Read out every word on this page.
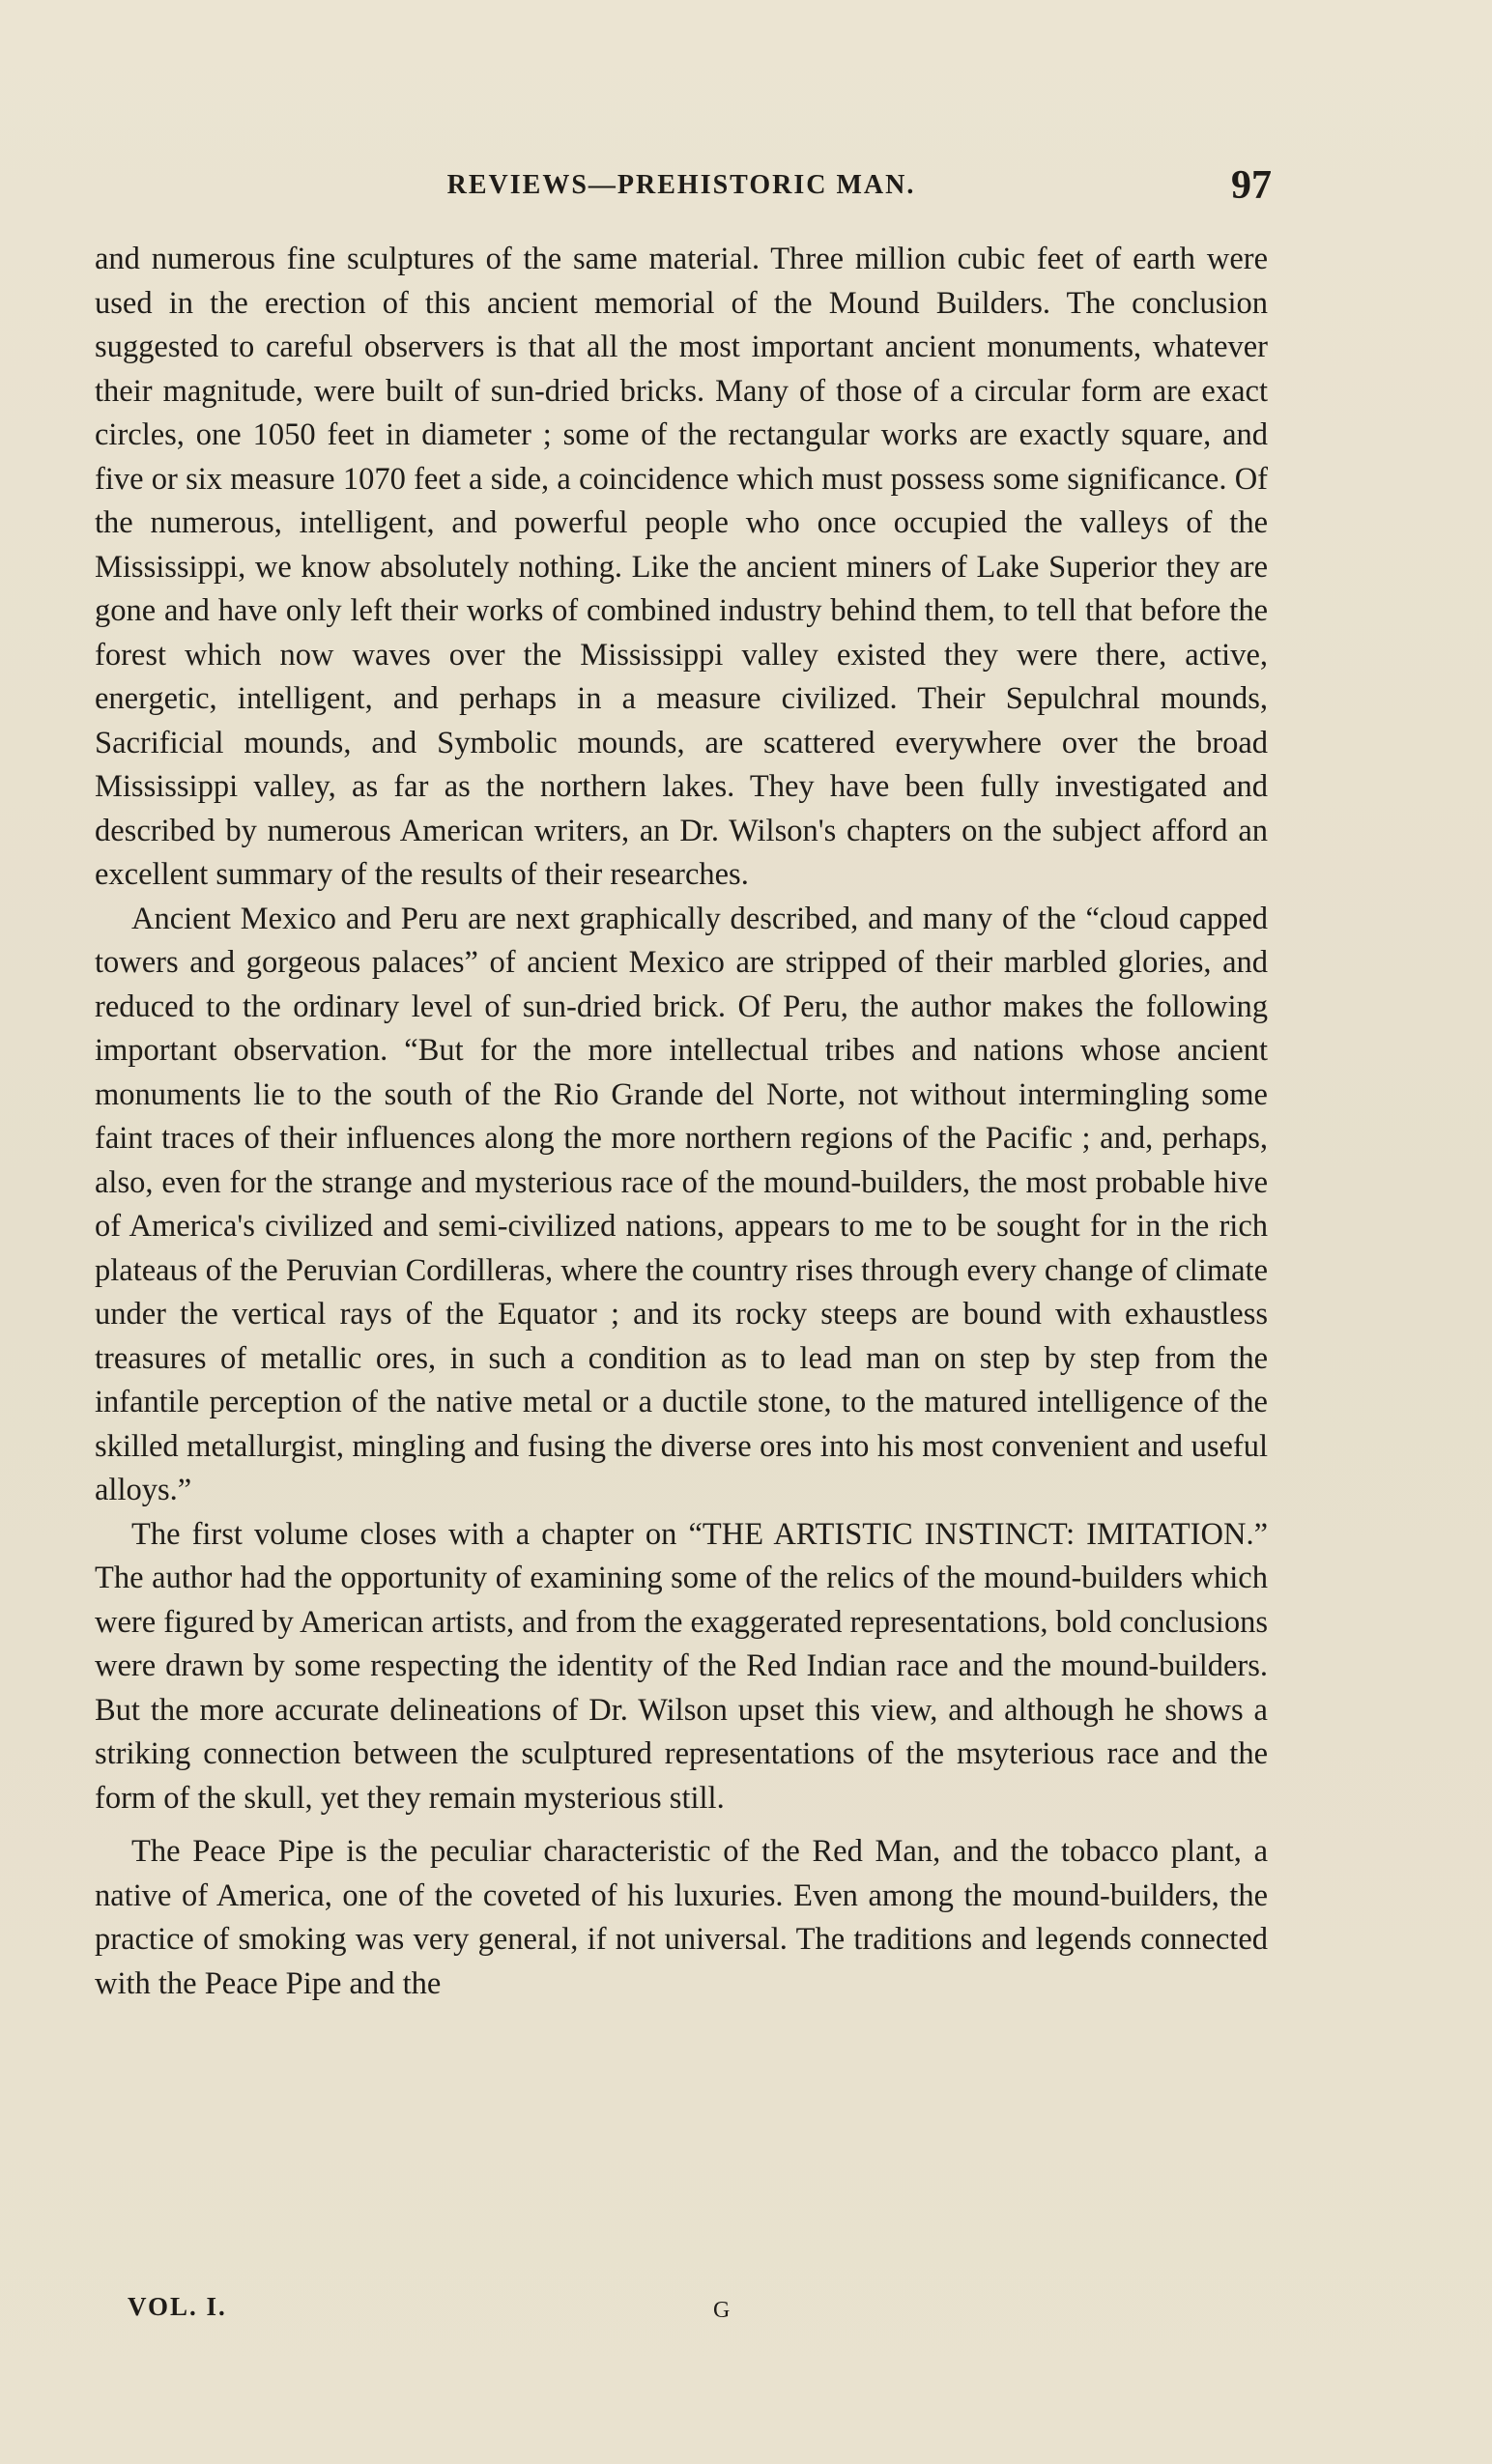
REVIEWS—PREHISTORIC MAN.	97

and numerous fine sculptures of the same material. Three million cubic feet of earth were used in the erection of this ancient memorial of the Mound Builders. The conclusion suggested to careful observers is that all the most important ancient monuments, whatever their magnitude, were built of sun-dried bricks. Many of those of a circular form are exact circles, one 1050 feet in diameter ; some of the rectangular works are exactly square, and five or six measure 1070 feet a side, a coincidence which must possess some significance. Of the numerous, intelligent, and powerful people who once occupied the valleys of the Mississippi, we know absolutely nothing. Like the ancient miners of Lake Superior they are gone and have only left their works of combined industry behind them, to tell that before the forest which now waves over the Mississippi valley existed they were there, active, energetic, intelligent, and perhaps in a measure civilized. Their Sepulchral mounds, Sacrificial mounds, and Symbolic mounds, are scattered everywhere over the broad Mississippi valley, as far as the northern lakes. They have been fully investigated and described by numerous American writers, an Dr. Wilson's chapters on the subject afford an excellent summary of the results of their researches.

Ancient Mexico and Peru are next graphically described, and many of the “cloud capped towers and gorgeous palaces” of ancient Mexico are stripped of their marbled glories, and reduced to the ordinary level of sun-dried brick. Of Peru, the author makes the following important observation. “But for the more intellectual tribes and nations whose ancient monuments lie to the south of the Rio Grande del Norte, not without intermingling some faint traces of their influences along the more northern regions of the Pacific ; and, perhaps, also, even for the strange and mysterious race of the mound-builders, the most probable hive of America's civilized and semi-civilized nations, appears to me to be sought for in the rich plateaus of the Peruvian Cordilleras, where the country rises through every change of climate under the vertical rays of the Equator ; and its rocky steeps are bound with exhaustless treasures of metallic ores, in such a condition as to lead man on step by step from the infantile perception of the native metal or a ductile stone, to the matured intelligence of the skilled metallurgist, mingling and fusing the diverse ores into his most convenient and useful alloys.”

The first volume closes with a chapter on “THE ARTISTIC INSTINCT: IMITATION.” The author had the opportunity of examining some of the relics of the mound-builders which were figured by American artists, and from the exaggerated representations, bold conclusions were drawn by some respecting the identity of the Red Indian race and the mound-builders. But the more accurate delineations of Dr. Wilson upset this view, and although he shows a striking connection between the sculptured representations of the msyterious race and the form of the skull, yet they remain mysterious still.

The Peace Pipe is the peculiar characteristic of the Red Man, and the tobacco plant, a native of America, one of the coveted of his luxuries. Even among the mound-builders, the practice of smoking was very general, if not universal. The traditions and legends connected with the Peace Pipe and the

VOL. I.	G
